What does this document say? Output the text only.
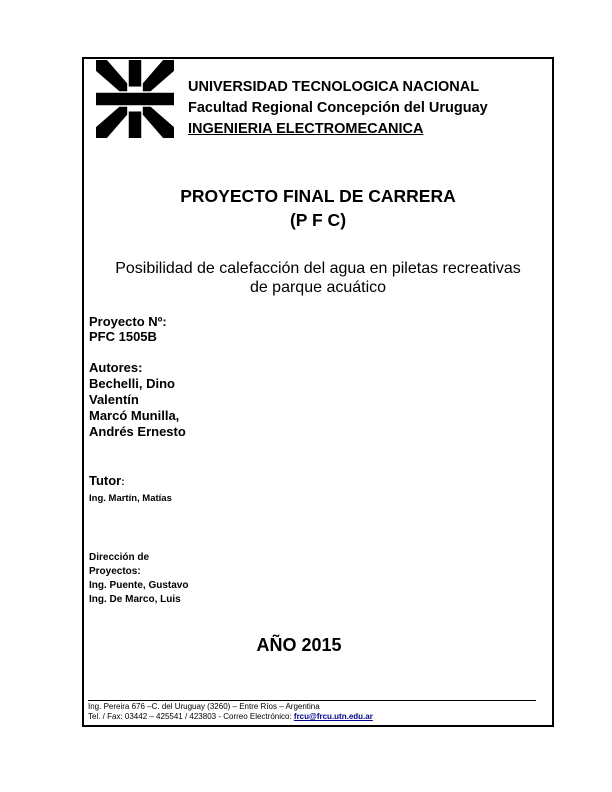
UNIVERSIDAD TECNOLOGICA NACIONAL
Facultad Regional Concepción del Uruguay
INGENIERIA ELECTROMECANICA
PROYECTO FINAL DE CARRERA
(P F C)
Posibilidad de calefacción del agua en piletas recreativas
de parque acuático
Proyecto Nº:
PFC 1505B
Autores:
Bechelli, Dino
Valentín
Marcó Munilla,
Andrés Ernesto
Tutor:
Ing. Martín, Matías
Dirección de
Proyectos:
Ing. Puente, Gustavo
Ing. De Marco, Luis
AÑO 2015
Ing. Pereira 676 –C. del Uruguay (3260) – Entre Ríos – Argentina
Tel. / Fax: 03442 – 425541 / 423803 - Correo Electrónico: frcu@frcu.utn.edu.ar
